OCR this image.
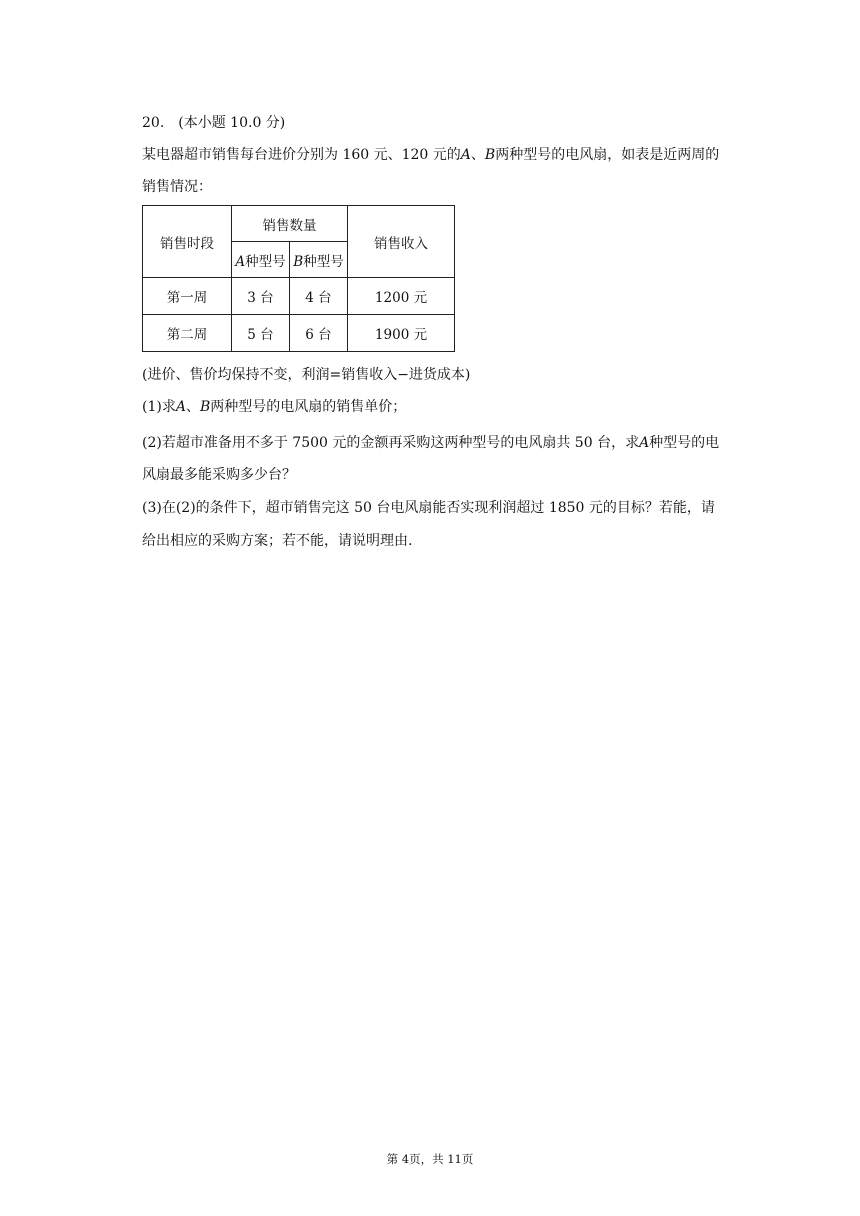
20. (本小题 10.0 分)
某电器超市销售每台进价分别为 160 元、120 元的𝐴、𝐵两种型号的电风扇，如表是近两周的
销售情况：
销售时段	销售数量		销售收入
	𝐴种型号	𝐵种型号	
第一周	3 台	4 台	1200 元
第二周	5 台	6 台	1900 元
(进价、售价均保持不变，利润=销售收入−进货成本)
(1)求𝐴、𝐵两种型号的电风扇的销售单价；
(2)若超市准备用不多于 7500 元的金额再采购这两种型号的电风扇共 50 台，求𝐴种型号的电
风扇最多能采购多少台？
(3)在(2)的条件下，超市销售完这 50 台电风扇能否实现利润超过 1850 元的目标？若能，请
给出相应的采购方案；若不能，请说明理由.
第 4页，共 11页
